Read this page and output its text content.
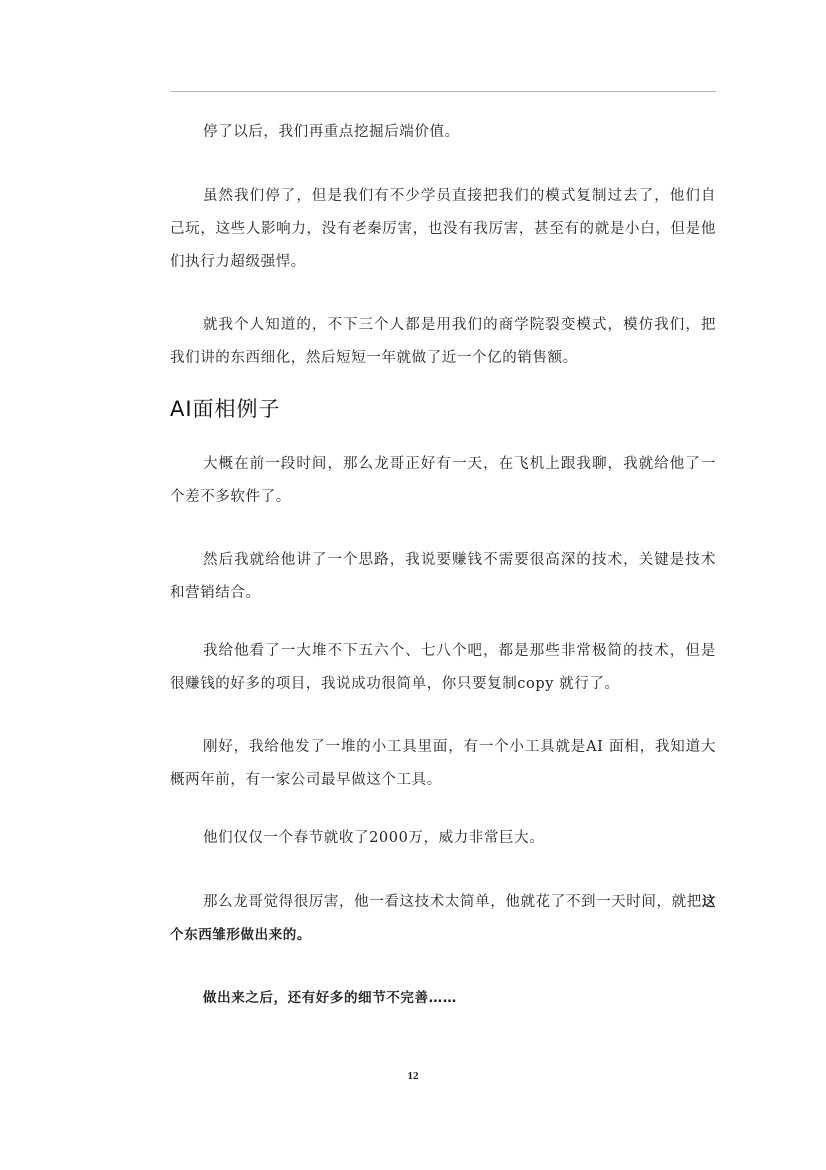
停了以后，我们再重点挖掘后端价值。

虽然我们停了，但是我们有不少学员直接把我们的模式复制过去了，他们自己玩，这些人影响力，没有老秦厉害，也没有我厉害，甚至有的就是小白，但是他们执行力超级强悍。

就我个人知道的，不下三个人都是用我们的商学院裂变模式，模仿我们，把我们讲的东西细化，然后短短一年就做了近一个亿的销售额。

AI面相例子

大概在前一段时间，那么龙哥正好有一天，在飞机上跟我聊，我就给他了一个差不多软件了。

然后我就给他讲了一个思路，我说要赚钱不需要很高深的技术，关键是技术和营销结合。

我给他看了一大堆不下五六个、七八个吧，都是那些非常极简的技术，但是很赚钱的好多的项目，我说成功很简单，你只要复制copy 就行了。

刚好，我给他发了一堆的小工具里面，有一个小工具就是AI 面相，我知道大概两年前，有一家公司最早做这个工具。

他们仅仅一个春节就收了2000万，威力非常巨大。

那么龙哥觉得很厉害，他一看这技术太简单，他就花了不到一天时间，就把这个东西雏形做出来的。

做出来之后，还有好多的细节不完善……

12
